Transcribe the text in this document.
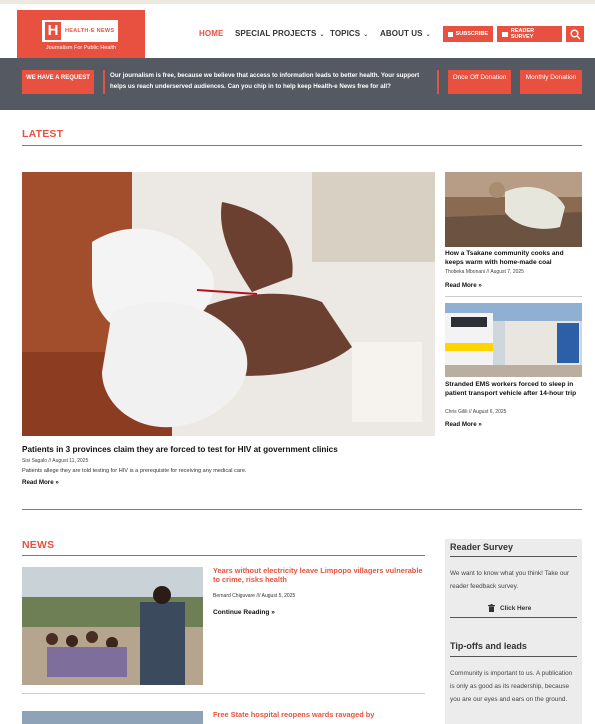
H	HEALTH-E NEWS
Journalism For Public Health
HOME SPECIAL PROJECTS ⌄ TOPICS ⌄ ABOUT US ⌄	SUBSCRIBE	READER SURVEY
WE HAVE A REQUEST	Our journalism is free, because we believe that access to information leads to better health. Your support helps us reach underserved audiences. Can you chip in to help keep Health-e News free for all?
Once Off Donation	Monthly Donation
LATEST
Patients in 3 provinces claim they are forced to test for HIV at government clinics
Sisi Sagalo // August 11, 2025
Patients allege they are told testing for HIV is a prerequisite for receiving any medical care.
Read More »
How a Tsakane community cooks and keeps warm with home-made coal
Thobeka Mbonani // August 7, 2025
Read More »
Stranded EMS workers forced to sleep in patient transport vehicle after 14-hour trip
Chris Gilili // August 6, 2025
Read More »
NEWS
Years without electricity leave Limpopo villagers vulnerable to crime, risks health
Bernard Chiguvare /// August 5, 2025
Continue Reading »
Free State hospital reopens wards ravaged by
Reader Survey
We want to know what you think! Take our reader feedback survey.
Click Here
Tip-offs and leads
Community is important to us. A publication is only as good as its readership, because you are our eyes and ears on the ground.
